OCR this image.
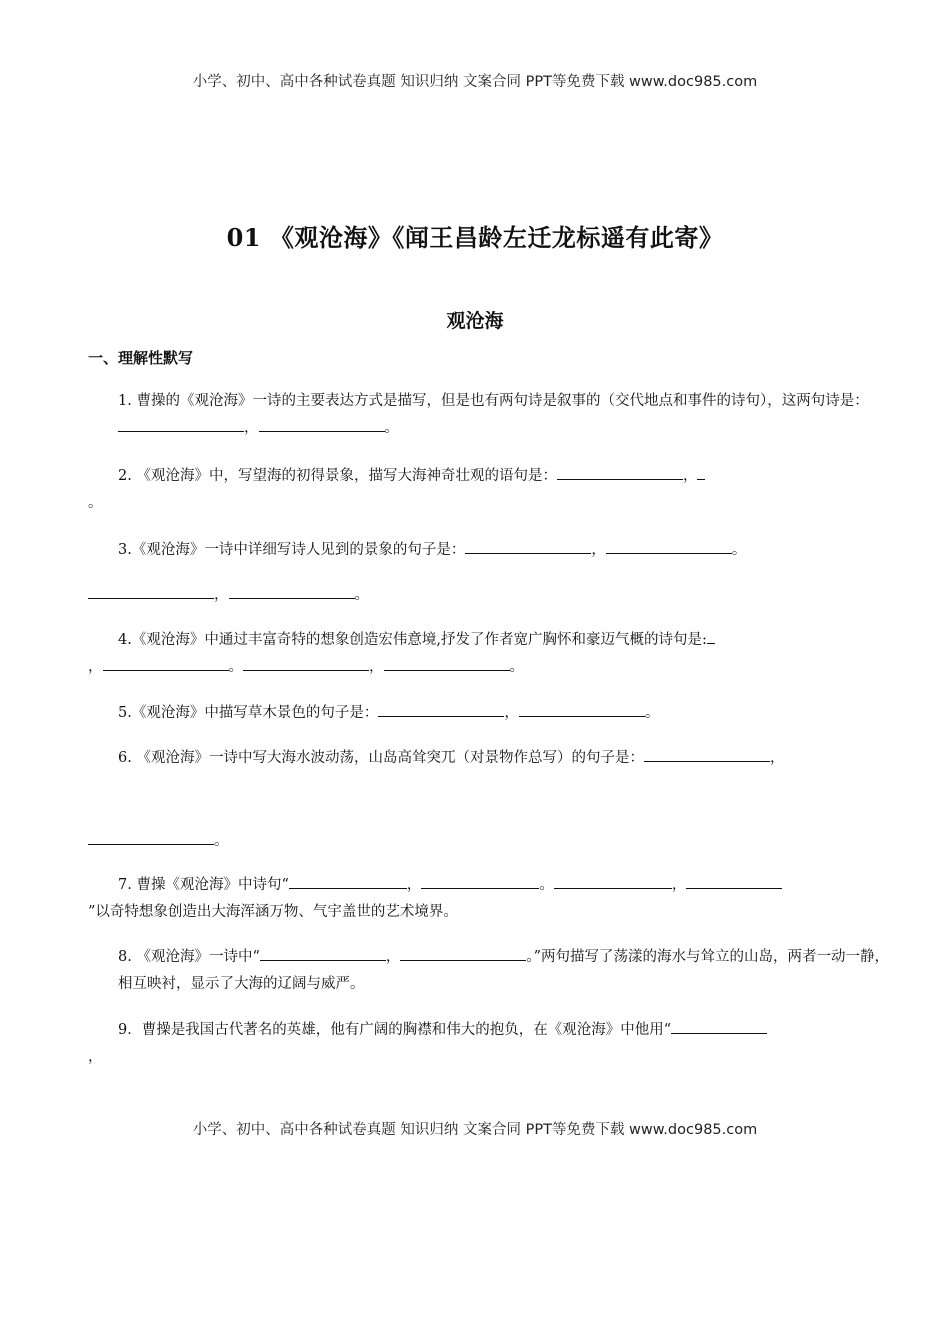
小学、初中、高中各种试卷真题 知识归纳 文案合同 PPT等免费下载 www.doc985.com
01 《观沧海》《闻王昌龄左迁龙标遥有此寄》
观沧海
一、理解性默写
1. 曹操的《观沧海》一诗的主要表达方式是描写，但是也有两句诗是叙事的（交代地点和事件的诗句），这两句诗是：，	。
2. 《观沧海》中，写望海的初得景象，描写大海神奇壮观的语句是：	，
。
3.《观沧海》一诗中详细写诗人见到的景象的句子是：	，	。
，	。
4.《观沧海》中通过丰富奇特的想象创造宏伟意境,抒发了作者宽广胸怀和豪迈气概的诗句是:
，	。	，	。
5.《观沧海》中描写草木景色的句子是：	，	。
6. 《观沧海》一诗中写大海水波动荡，山岛高耸突兀（对景物作总写）的句子是：	，
。
7. 曹操《观沧海》中诗句“	，	。	，
”以奇特想象创造出大海浑涵万物、气宇盖世的艺术境界。
8. 《观沧海》一诗中“	，	。”两句描写了荡漾的海水与耸立的山岛，两者一动一静，相互映衬，显示了大海的辽阔与威严。
9．曹操是我国古代著名的英雄，他有广阔的胸襟和伟大的抱负，在《观沧海》中他用“
，
小学、初中、高中各种试卷真题 知识归纳 文案合同 PPT等免费下载 www.doc985.com
